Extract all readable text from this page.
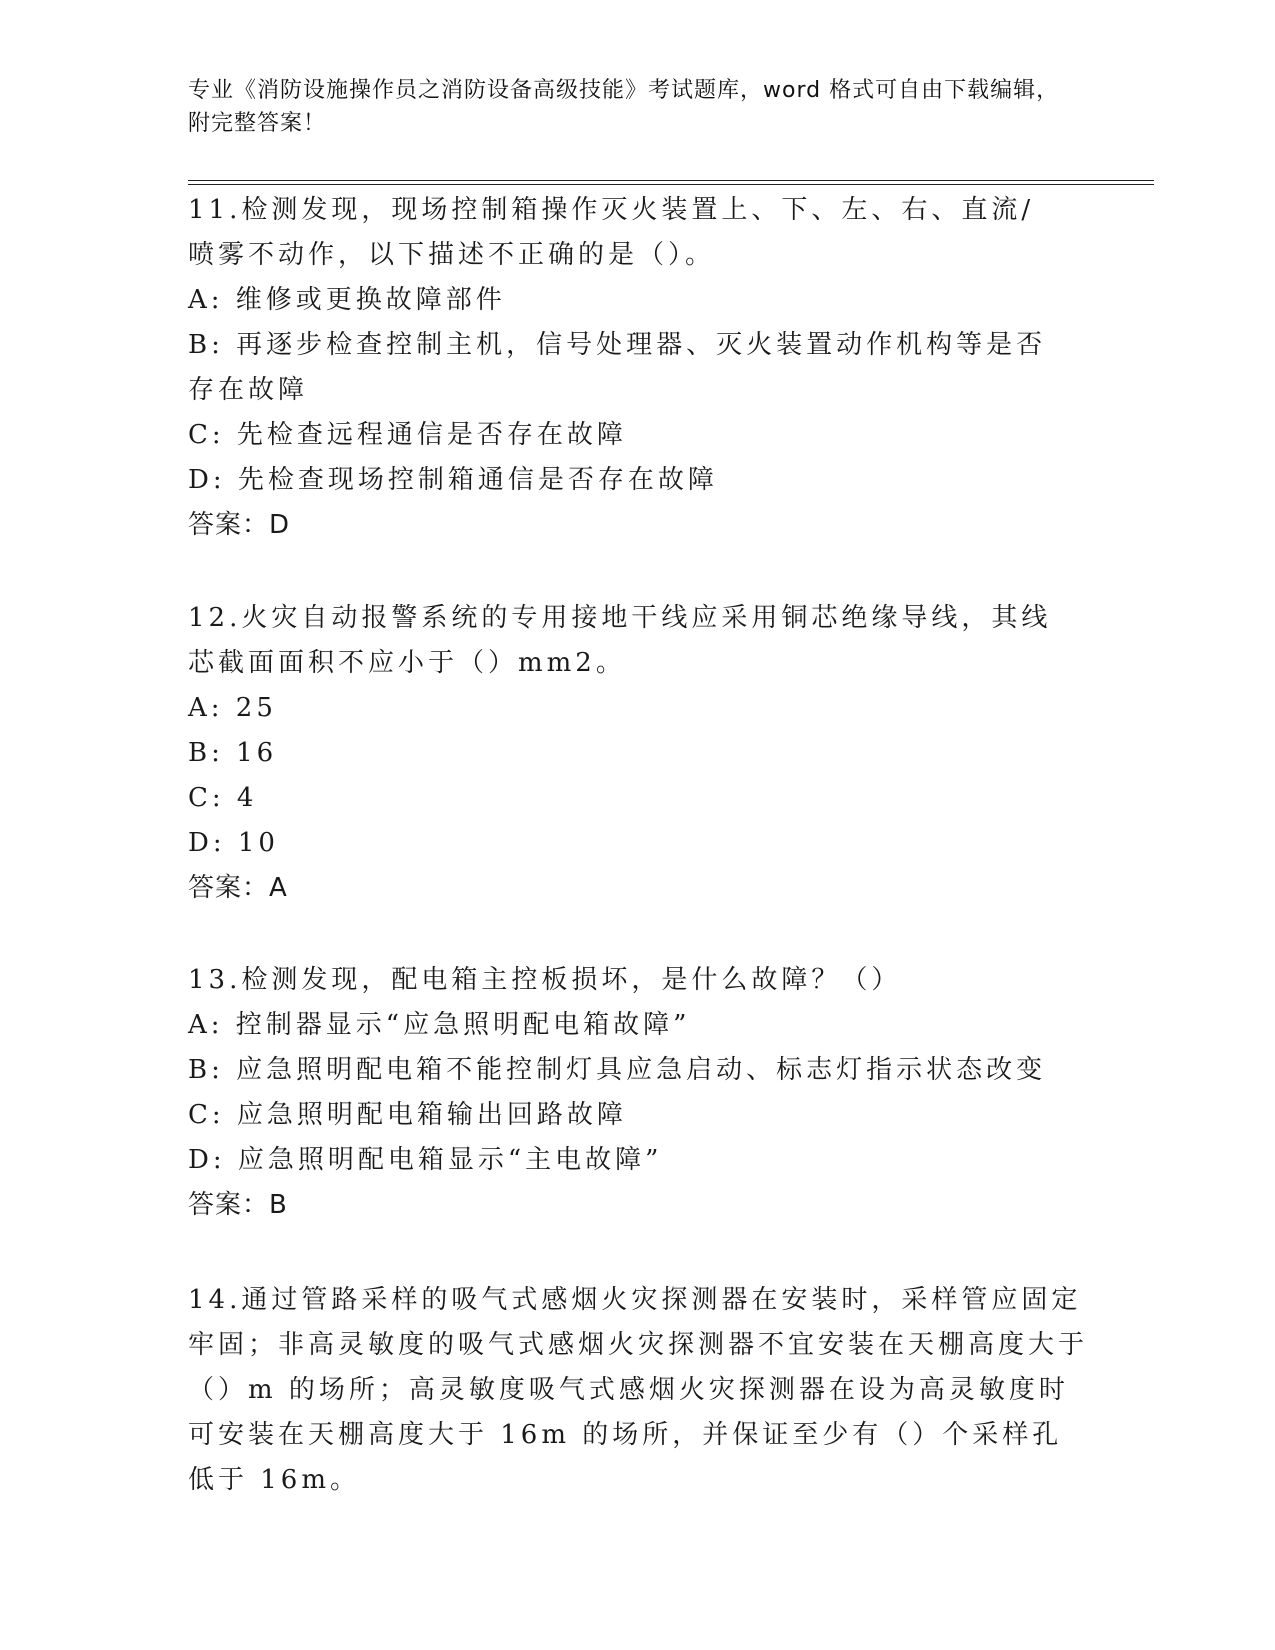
专业《消防设施操作员之消防设备高级技能》考试题库，word 格式可自由下载编辑，附完整答案！
11.检测发现，现场控制箱操作灭火装置上、下、左、右、直流/喷雾不动作，以下描述不正确的是（）。
A: 维修或更换故障部件
B: 再逐步检查控制主机，信号处理器、灭火装置动作机构等是否存在故障
C: 先检查远程通信是否存在故障
D: 先检查现场控制箱通信是否存在故障
答案：D
12.火灾自动报警系统的专用接地干线应采用铜芯绝缘导线，其线芯截面面积不应小于（）mm2。
A: 25
B: 16
C: 4
D: 10
答案：A
13.检测发现，配电箱主控板损坏，是什么故障？（）
A: 控制器显示“应急照明配电箱故障”
B: 应急照明配电箱不能控制灯具应急启动、标志灯指示状态改变
C: 应急照明配电箱输出回路故障
D: 应急照明配电箱显示“主电故障”
答案：B
14.通过管路采样的吸气式感烟火灾探测器在安装时，采样管应固定牢固；非高灵敏度的吸气式感烟火灾探测器不宜安装在天棚高度大于（）m 的场所；高灵敏度吸气式感烟火灾探测器在设为高灵敏度时可安装在天棚高度大于 16m 的场所，并保证至少有（）个采样孔低于 16m。
